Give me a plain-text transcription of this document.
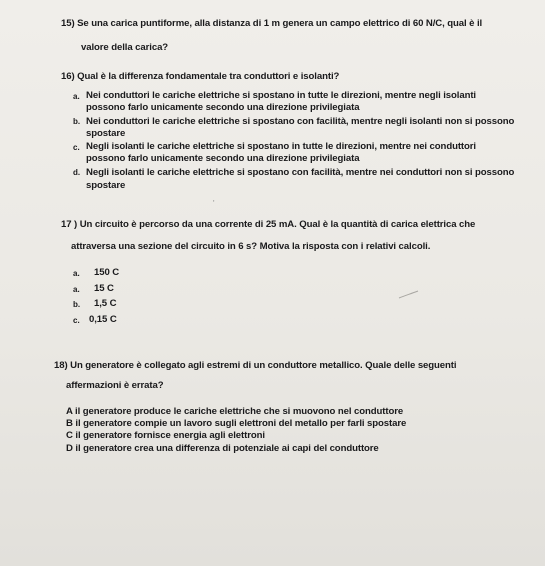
15) Se una carica puntiforme, alla distanza di 1 m genera un campo elettrico di 60 N/C, qual è il
valore della carica?
16) Qual è la differenza fondamentale tra conduttori e isolanti?
a. Nei conduttori le cariche elettriche si spostano in tutte le direzioni, mentre negli isolanti
possono farlo unicamente secondo una direzione privilegiata
b. Nei conduttori le cariche elettriche si spostano con facilità, mentre negli isolanti non si possono
spostare
c. Negli isolanti le cariche elettriche si spostano in tutte le direzioni, mentre nei conduttori
possono farlo unicamente secondo una direzione privilegiata
d. Negli isolanti le cariche elettriche si spostano con facilità, mentre nei conduttori non si possono
spostare
'
17 ) Un circuito è percorso da una corrente di 25 mA. Qual è la quantità di carica elettrica che
attraversa una sezione del circuito in 6 s? Motiva la risposta con i relativi calcoli.
a. 150 C
a. 15 C
b. 1,5 C
c. 0,15 C
18) Un generatore è collegato agli estremi di un conduttore metallico. Quale delle seguenti
affermazioni è errata?
A il generatore produce le cariche elettriche che si muovono nel conduttore
B il generatore compie un lavoro sugli elettroni del metallo per farli spostare
C il generatore fornisce energia agli elettroni
D il generatore crea una differenza di potenziale ai capi del conduttore
